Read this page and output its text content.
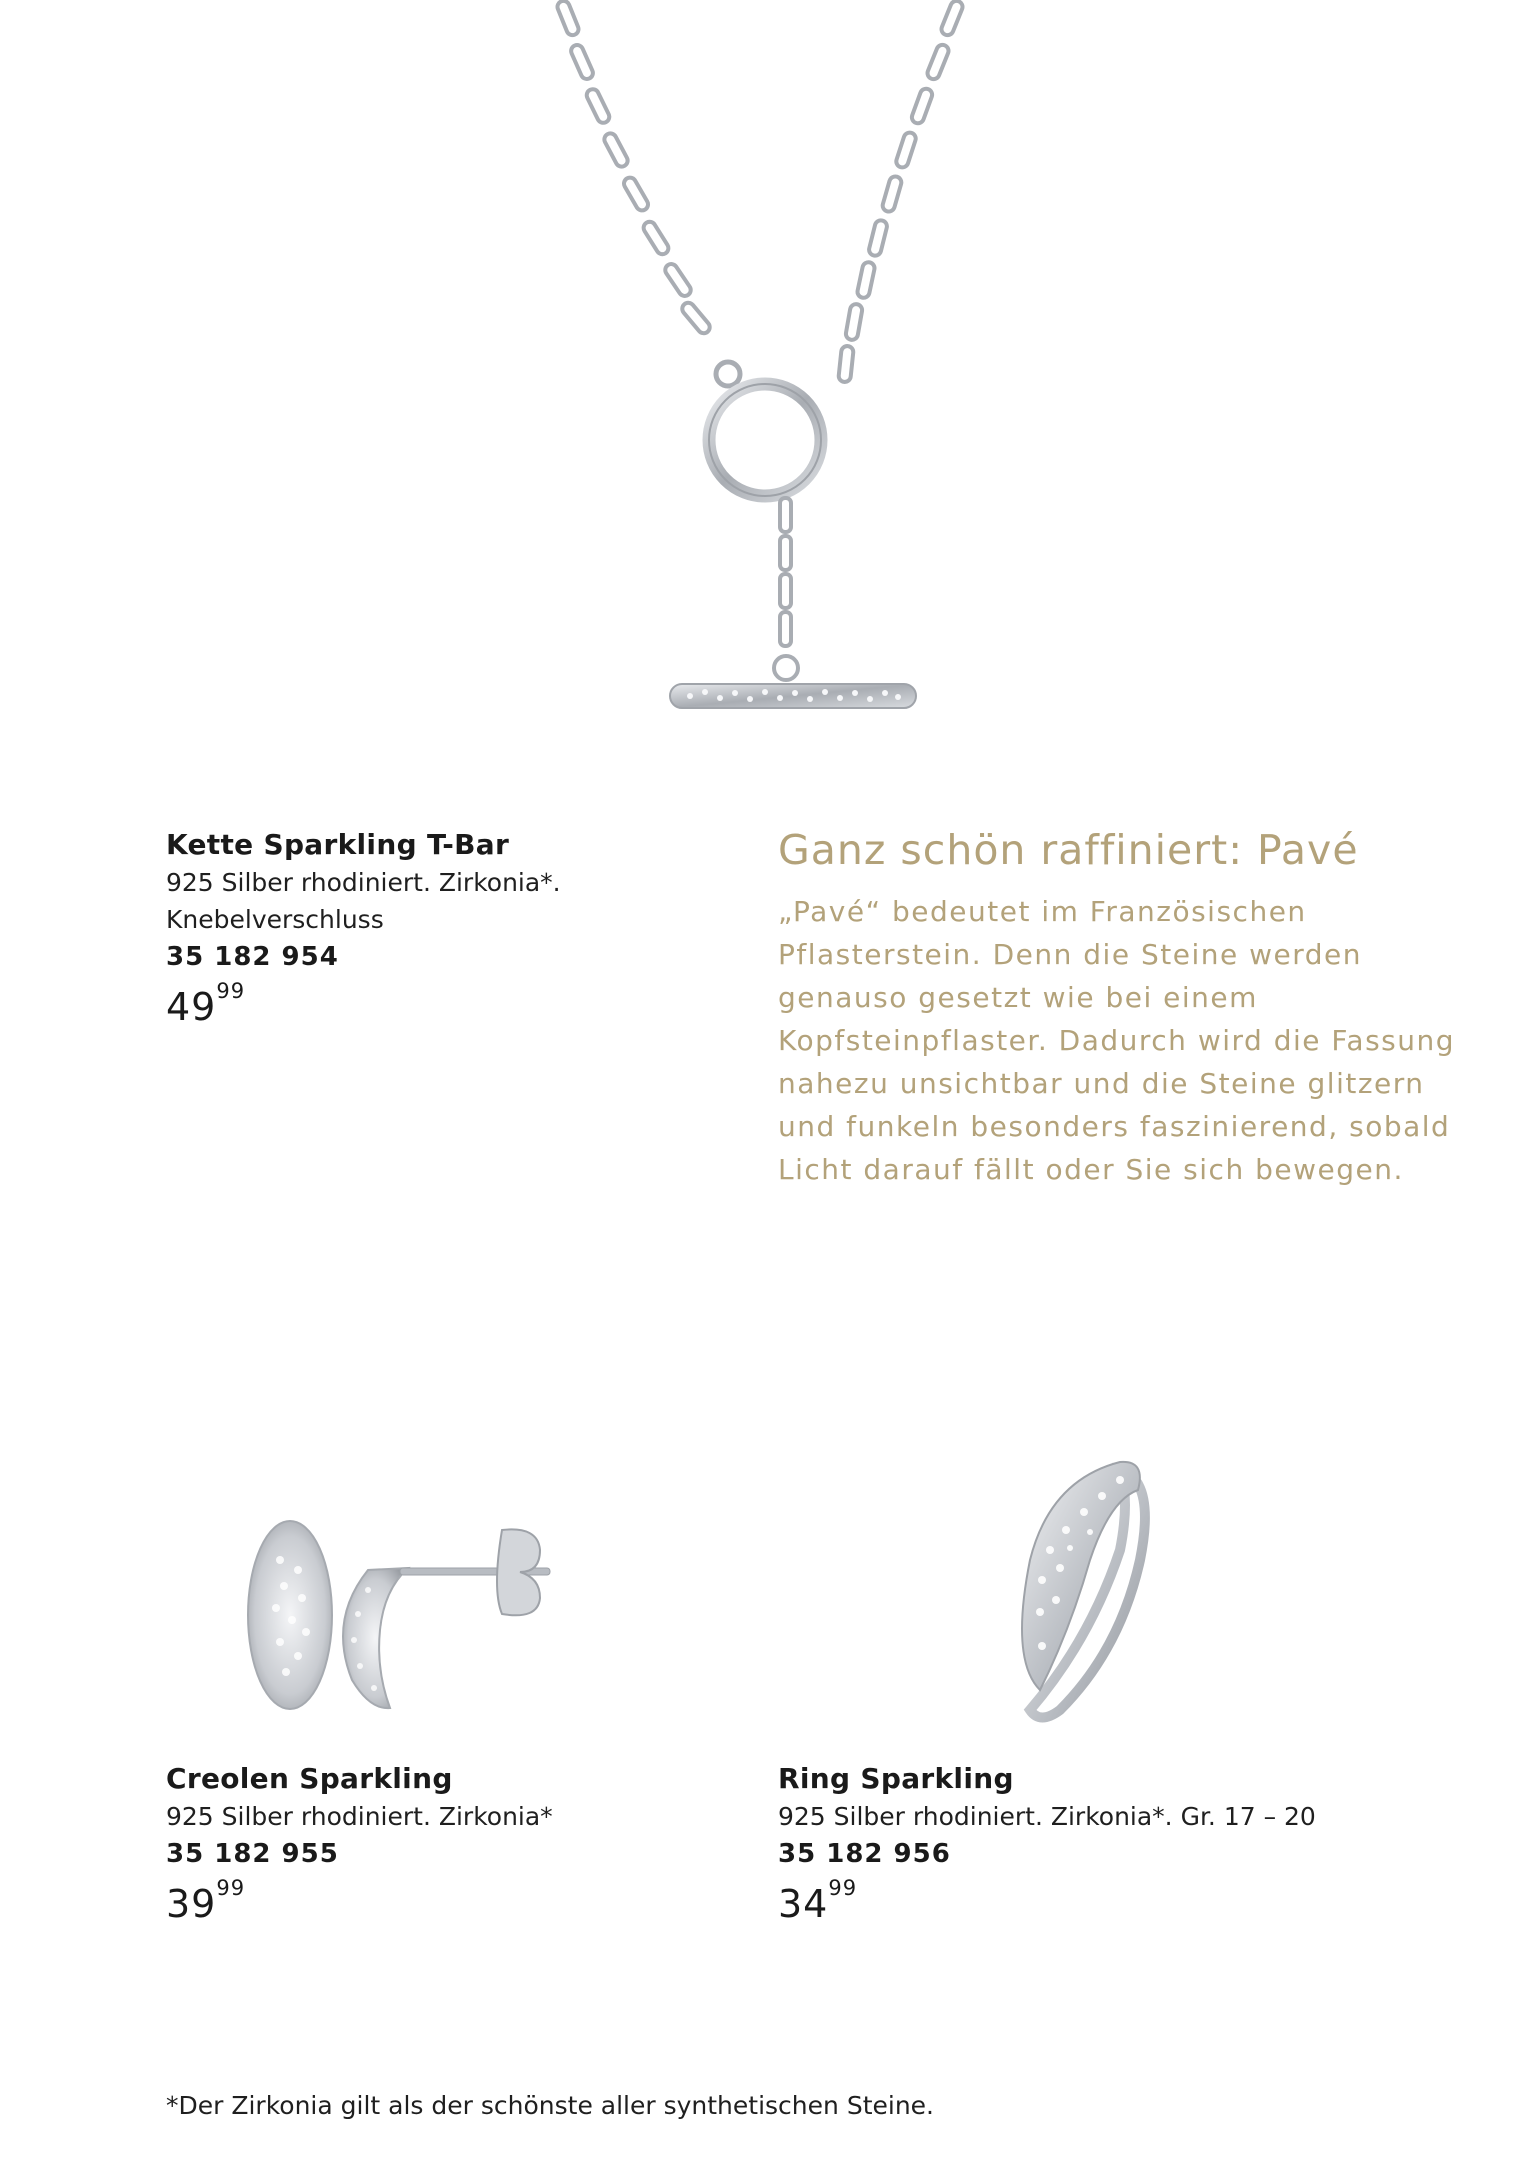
Kette Sparkling T-Bar
925 Silber rhodiniert. Zirkonia*.
Knebelverschluss
35 182 954
$49^{99}$
Ganz schön raffiniert: Pavé
„Pavé“ bedeutet im Französischen Pflasterstein. Denn die Steine werden genauso gesetzt wie bei einem Kopfsteinpflaster. Dadurch wird die Fassung nahezu unsichtbar und die Steine glitzern und funkeln besonders faszinierend, sobald Licht darauf fällt oder Sie sich bewegen.
Creolen Sparkling
925 Silber rhodiniert. Zirkonia*
35 182 955
$39^{99}$
Ring Sparkling
925 Silber rhodiniert. Zirkonia*. Gr. 17 – 20
35 182 956
$34^{99}$
*Der Zirkonia gilt als der schönste aller synthetischen Steine.
